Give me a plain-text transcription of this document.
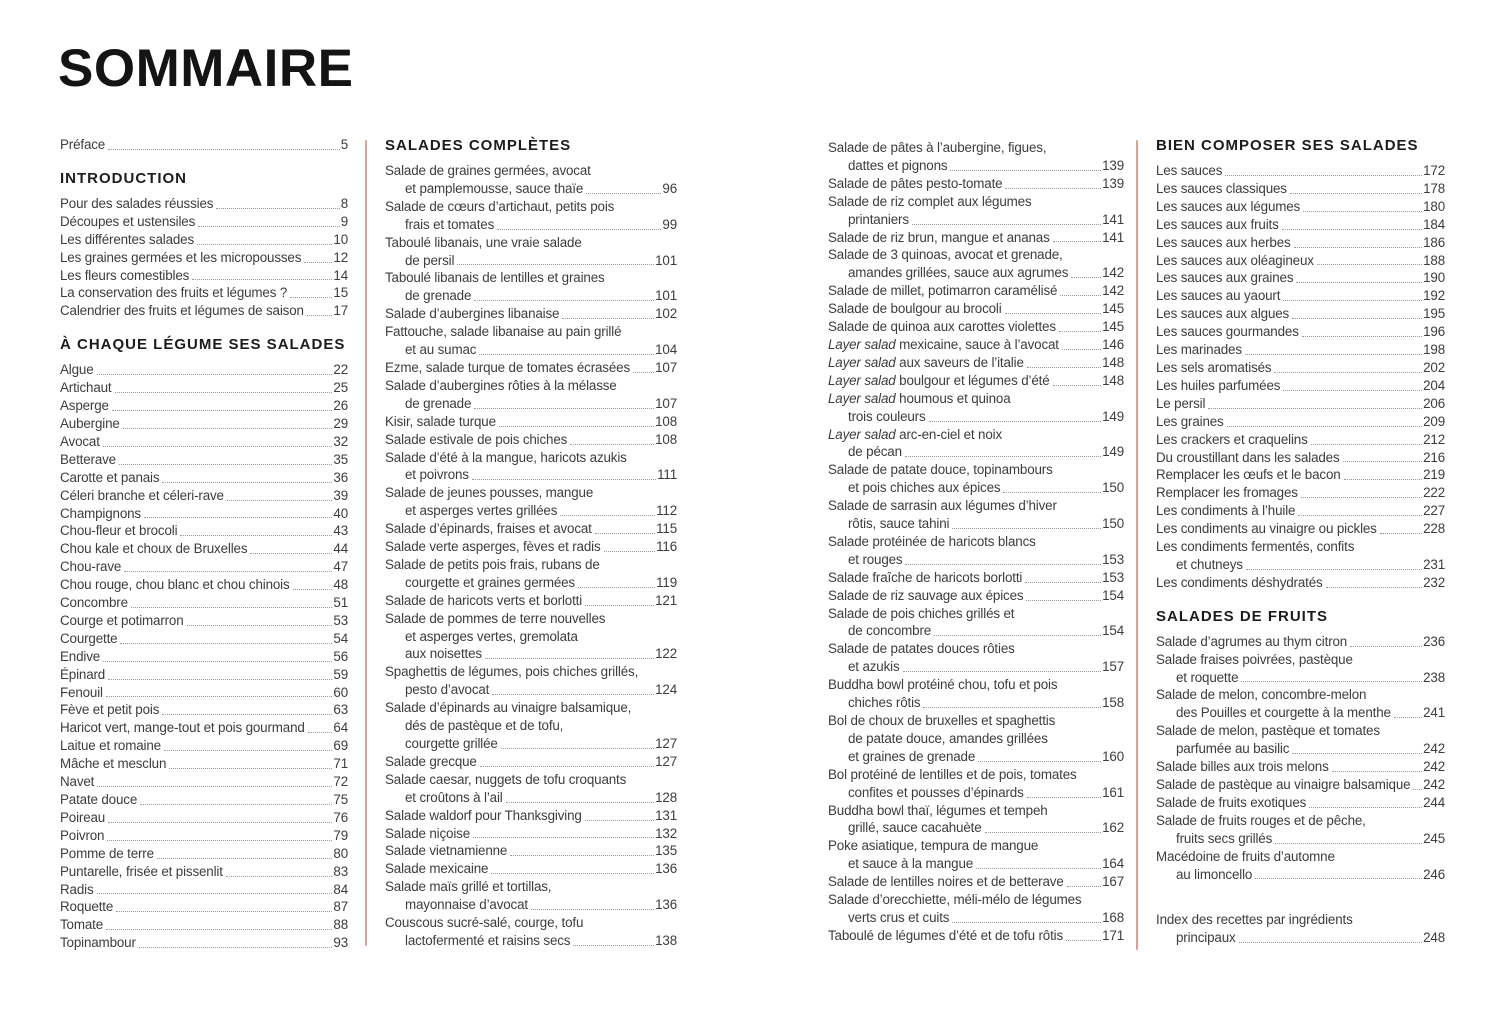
SOMMAIRE
Préface	5
INTRODUCTION
Pour des salades réussies	8
Découpes et ustensiles	9
Les différentes salades	10
Les graines germées et les micropousses 12
Les fleurs comestibles	14
La conservation des fruits et légumes ?	15
Calendrier des fruits et légumes de saison 17
À CHAQUE LÉGUME SES SALADES
Algue	22
Artichaut	25
Asperge	26
Aubergine	29
Avocat	32
Betterave	35
Carotte et panais	36
Céleri branche et céleri-rave	39
Champignons	40
Chou-fleur et brocoli	43
Chou kale et choux de Bruxelles	44
Chou-rave	47
Chou rouge, chou blanc et chou chinois	48
Concombre	51
Courge et potimarron	53
Courgette	54
Endive	56
Épinard	59
Fenouil	60
Fève et petit pois	63
Haricot vert, mange-tout et pois gourmand 64
Laitue et romaine	69
Mâche et mesclun	71
Navet	72
Patate douce	75
Poireau	76
Poivron	79
Pomme de terre	80
Puntarelle, frisée et pissenlit	83
Radis	84
Roquette	87
Tomate	88
Topinambour	93
SALADES COMPLÈTES
Salade de graines germées, avocat
et pamplemousse, sauce thaïe	96
Salade de cœurs d’artichaut, petits pois
frais et tomates	99
Taboulé libanais, une vraie salade
de persil	101
Taboulé libanais de lentilles et graines
de grenade	101
Salade d’aubergines libanaise	102
Fattouche, salade libanaise au pain grillé
et au sumac	104
Ezme, salade turque de tomates écrasées 107
Salade d’aubergines rôties à la mélasse
de grenade	107
Kisir, salade turque	108
Salade estivale de pois chiches	108
Salade d’été à la mangue, haricots azukis
et poivrons	111
Salade de jeunes pousses, mangue
et asperges vertes grillées	112
Salade d’épinards, fraises et avocat	115
Salade verte asperges, fèves et radis	116
Salade de petits pois frais, rubans de
courgette et graines germées	119
Salade de haricots verts et borlotti	121
Salade de pommes de terre nouvelles
et asperges vertes, gremolata
aux noisettes	122
Spaghettis de légumes, pois chiches grillés,
pesto d’avocat	124
Salade d’épinards au vinaigre balsamique,
dés de pastèque et de tofu,
courgette grillée	127
Salade grecque	127
Salade caesar, nuggets de tofu croquants
et croûtons à l’ail	128
Salade waldorf pour Thanksgiving	131
Salade niçoise	132
Salade vietnamienne	135
Salade mexicaine	136
Salade maïs grillé et tortillas,
mayonnaise d’avocat	136
Couscous sucré-salé, courge, tofu
lactofermenté et raisins secs	138
Salade de pâtes à l’aubergine, figues,
dattes et pignons	139
Salade de pâtes pesto-tomate	139
Salade de riz complet aux légumes
printaniers	141
Salade de riz brun, mangue et ananas	141
Salade de 3 quinoas, avocat et grenade,
amandes grillées, sauce aux agrumes	142
Salade de millet, potimarron caramélisé	142
Salade de boulgour au brocoli	145
Salade de quinoa aux carottes violettes	145
Layer salad mexicaine, sauce à l’avocat	146
Layer salad aux saveurs de l’italie	148
Layer salad boulgour et légumes d’été	148
Layer salad houmous et quinoa
trois couleurs	149
Layer salad arc-en-ciel et noix
de pécan	149
Salade de patate douce, topinambours
et pois chiches aux épices	150
Salade de sarrasin aux légumes d’hiver
rôtis, sauce tahini	150
Salade protéinée de haricots blancs
et rouges	153
Salade fraîche de haricots borlotti	153
Salade de riz sauvage aux épices	154
Salade de pois chiches grillés et
de concombre	154
Salade de patates douces rôties
et azukis	157
Buddha bowl protéiné chou, tofu et pois
chiches rôtis	158
Bol de choux de bruxelles et spaghettis
de patate douce, amandes grillées
et graines de grenade	160
Bol protéiné de lentilles et de pois, tomates
confites et pousses d’épinards	161
Buddha bowl thaï, légumes et tempeh
grillé, sauce cacahuète	162
Poke asiatique, tempura de mangue
et sauce à la mangue	164
Salade de lentilles noires et de betterave	167
Salade d’orecchiette, méli-mélo de légumes
verts crus et cuits	168
Taboulé de légumes d’été et de tofu rôtis	171
BIEN COMPOSER SES SALADES
Les sauces	172
Les sauces classiques	178
Les sauces aux légumes	180
Les sauces aux fruits	184
Les sauces aux herbes	186
Les sauces aux oléagineux	188
Les sauces aux graines	190
Les sauces au yaourt	192
Les sauces aux algues	195
Les sauces gourmandes	196
Les marinades	198
Les sels aromatisés	202
Les huiles parfumées	204
Le persil	206
Les graines	209
Les crackers et craquelins	212
Du croustillant dans les salades	216
Remplacer les œufs et le bacon	219
Remplacer les fromages	222
Les condiments à l’huile	227
Les condiments au vinaigre ou pickles	228
Les condiments fermentés, confits
et chutneys	231
Les condiments déshydratés	232
SALADES DE FRUITS
Salade d’agrumes au thym citron	236
Salade fraises poivrées, pastèque
et roquette	238
Salade de melon, concombre-melon
des Pouilles et courgette à la menthe 241
Salade de melon, pastèque et tomates
parfumée au basilic	242
Salade billes aux trois melons	242
Salade de pastèque au vinaigre balsamique 242
Salade de fruits exotiques	244
Salade de fruits rouges et de pêche,
fruits secs grillés	245
Macédoine de fruits d’automne
au limoncello	246
Index des recettes par ingrédients
principaux	248
